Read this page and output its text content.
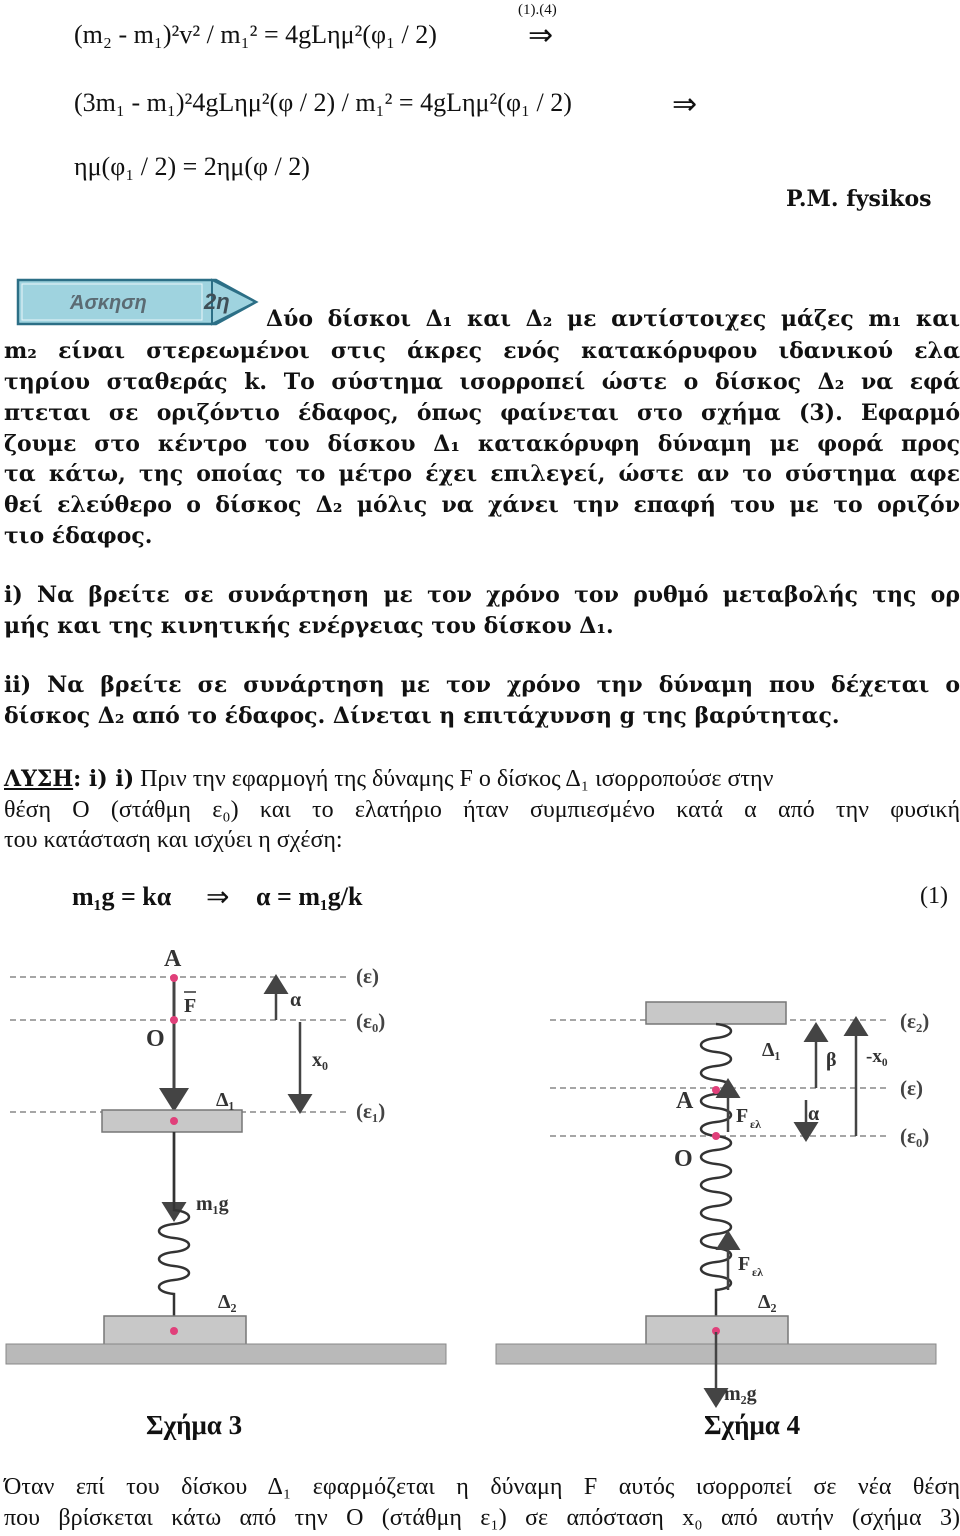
(1).(4)
(m₂ - m₁)²v² / m₁² = 4gLημ²(φ₁ / 2)	⇒
(3m₁ - m₁)²4gLημ²(φ / 2) / m₁² = 4gLημ²(φ₁ / 2)	⇒
ημ(φ₁ / 2) = 2ημ(φ / 2)
P.M. fysikos
Άσκηση	2η
Δύο δίσκοι Δ₁ και Δ₂ με αντίστοιχες μάζες m₁ και
m₂ είναι στερεωμένοι στις άκρες ενός κατακόρυφου ιδανικού ελα
τηρίου σταθεράς k. Το σύστημα ισορροπεί ώστε ο δίσκος Δ₂ να εφά
πτεται σε οριζόντιο έδαφος, όπως φαίνεται στο σχήμα (3). Εφαρμό
ζουμε στο κέντρο του δίσκου Δ₁ κατακόρυφη δύναμη με φορά προς
τα κάτω, της οποίας το μέτρο έχει επιλεγεί, ώστε αν το σύστημα αφε
θεί ελεύθερο ο δίσκος Δ₂ μόλις να χάνει την επαφή του με το οριζόν
τιο έδαφος.
i) Να βρείτε σε συνάρτηση με τον χρόνο τον ρυθμό μεταβολής της ορ
μής και της κινητικής ενέργειας του δίσκου Δ₁.
ii) Να βρείτε σε συνάρτηση με τον χρόνο την δύναμη που δέχεται ο
δίσκος Δ₂ από το έδαφος. Δίνεται η επιτάχυνση g της βαρύτητας.
ΛΥΣΗ: i) i) Πριν την εφαρμογή της δύναμης F ο δίσκος Δ₁ ισορροπούσε στην
θέση Ο (στάθμη ε₀) και το ελατήριο ήταν συμπιεσμένο κατά α από την φυσική
του κατάσταση και ισχύει η σχέση:
m₁g = kα ⇒ α = m₁g/k	(1)
(ε)
(ε₀)
(ε₁)
A
O
F	α
x₀
Δ₁
m₁g
Δ₂
(ε₂)
(ε)
(ε₀)
Δ₁ β -x₀
α
A
O
F ελ
F ελ
Δ₂
m₂g
Σχήμα 3	Σχήμα 4
Όταν επί του δίσκου Δ₁ εφαρμόζεται η δύναμη F αυτός ισορροπεί σε νέα θέση
που βρίσκεται κάτω από την Ο (στάθμη ε₁) σε απόσταση x₀ από αυτήν (σχήμα 3)
